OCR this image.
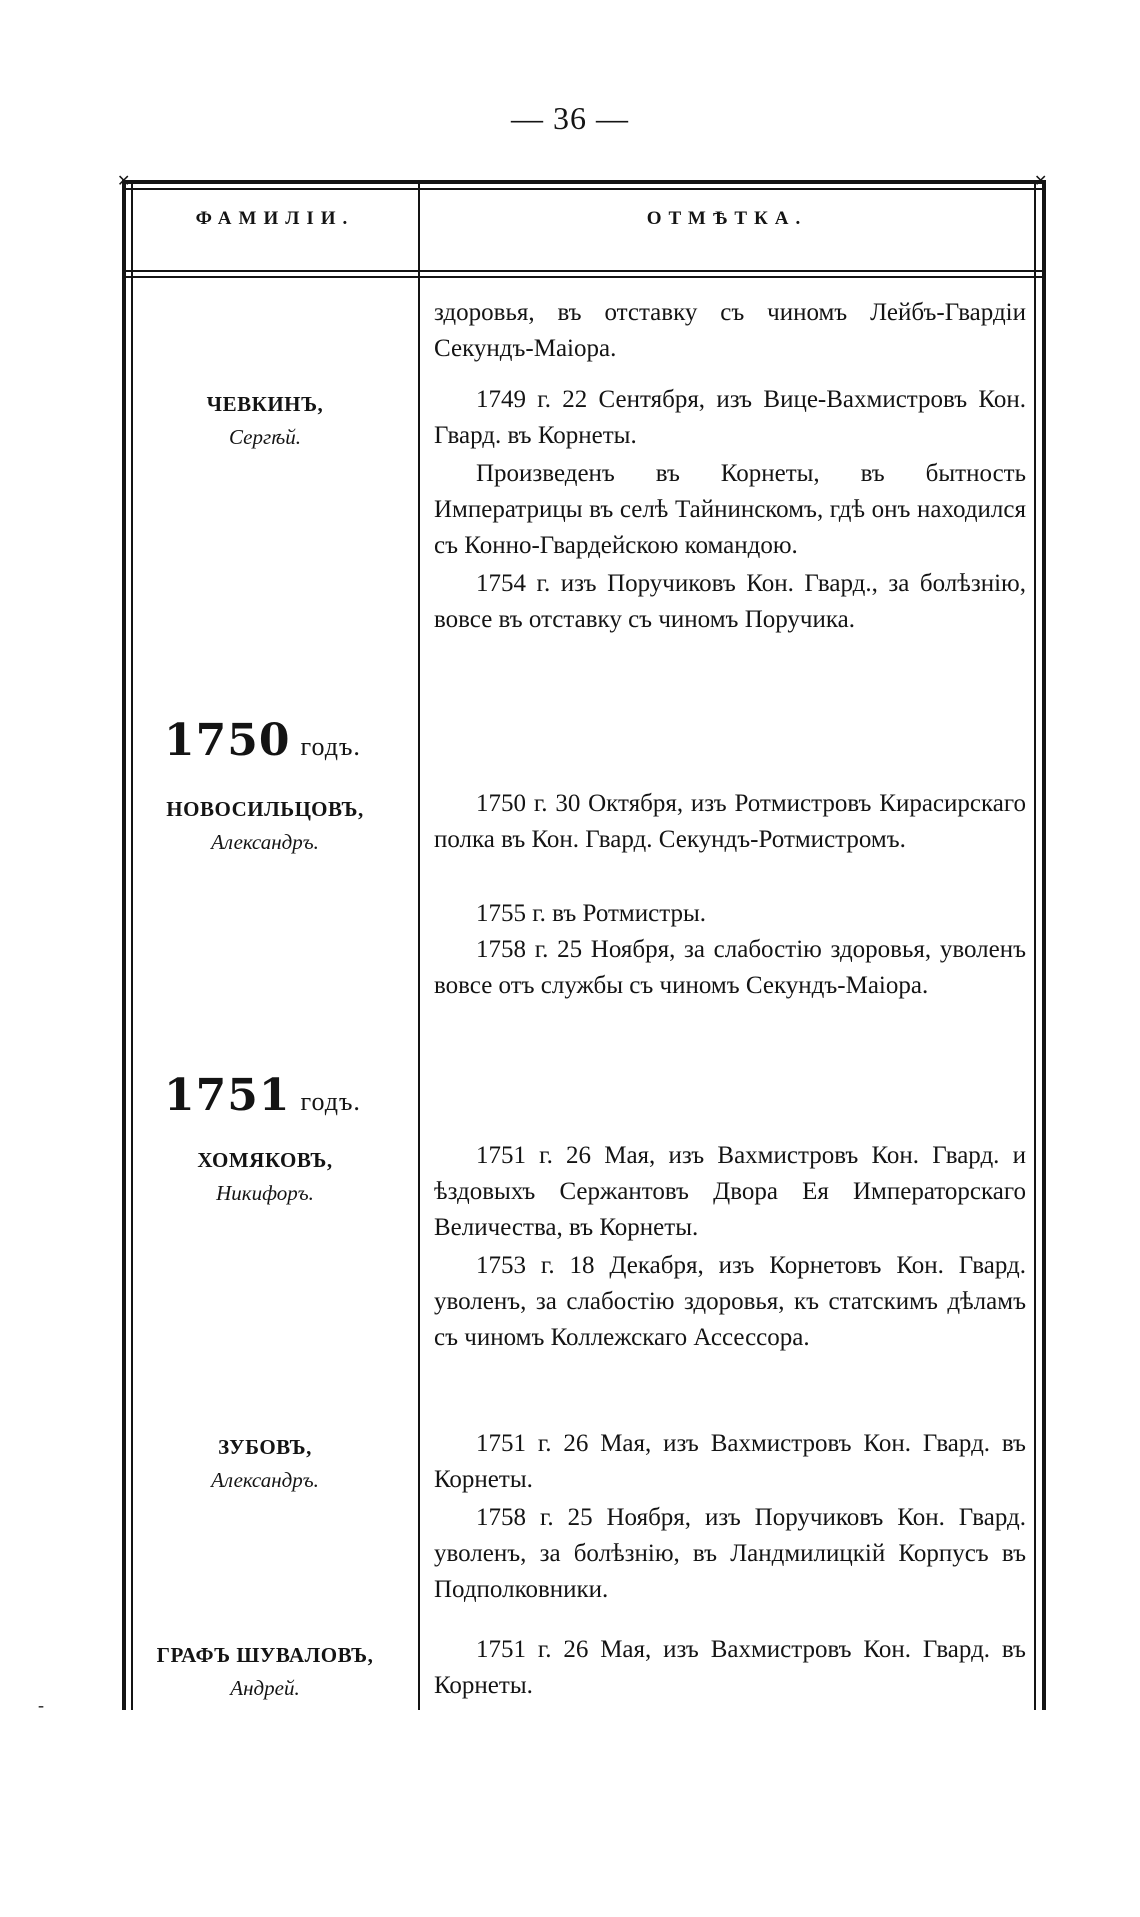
— 36 —
✕	✕
ФАМИЛІИ.	ОТМѢТКА.
здоровья, въ отставку съ чиномъ Лейбъ-Гвардіи Секундъ-Маіора.
ЧЕВКИНЪ,
Сергѣй.
1749 г. 22 Сентября, изъ Вице-Вахмистровъ Кон. Гвард. въ Корнеты.
Произведенъ въ Корнеты, въ бытность Императрицы въ селѣ Тайнинскомъ, гдѣ онъ находился съ Конно-Гвардейскою командою.
1754 г. изъ Поручиковъ Кон. Гвард., за болѣзнію, вовсе въ отставку съ чиномъ Поручика.
1750 годъ.
НОВОСИЛЬЦОВЪ,
Александръ.
1750 г. 30 Октября, изъ Ротмистровъ Кирасирскаго полка въ Кон. Гвард. Секундъ-Ротмистромъ.
1755 г. въ Ротмистры.
1758 г. 25 Ноября, за слабостію здоровья, уволенъ вовсе отъ службы съ чиномъ Секундъ-Маіора.
1751 годъ.
ХОМЯКОВЪ,
Никифоръ.
1751 г. 26 Мая, изъ Вахмистровъ Кон. Гвард. и ѣздовыхъ Сержантовъ Двора Ея Императорскаго Величества, въ Корнеты.
1753 г. 18 Декабря, изъ Корнетовъ Кон. Гвард. уволенъ, за слабостію здоровья, къ статскимъ дѣламъ съ чиномъ Коллежскаго Ассессора.
ЗУБОВЪ,
Александръ.
1751 г. 26 Мая, изъ Вахмистровъ Кон. Гвард. въ Корнеты.
1758 г. 25 Ноября, изъ Поручиковъ Кон. Гвард. уволенъ, за болѣзнію, въ Ландмилицкій Корпусъ въ Подполковники.
ГРАФЪ ШУВАЛОВЪ,
Андрей.
1751 г. 26 Мая, изъ Вахмистровъ Кон. Гвард. въ Корнеты.
-
